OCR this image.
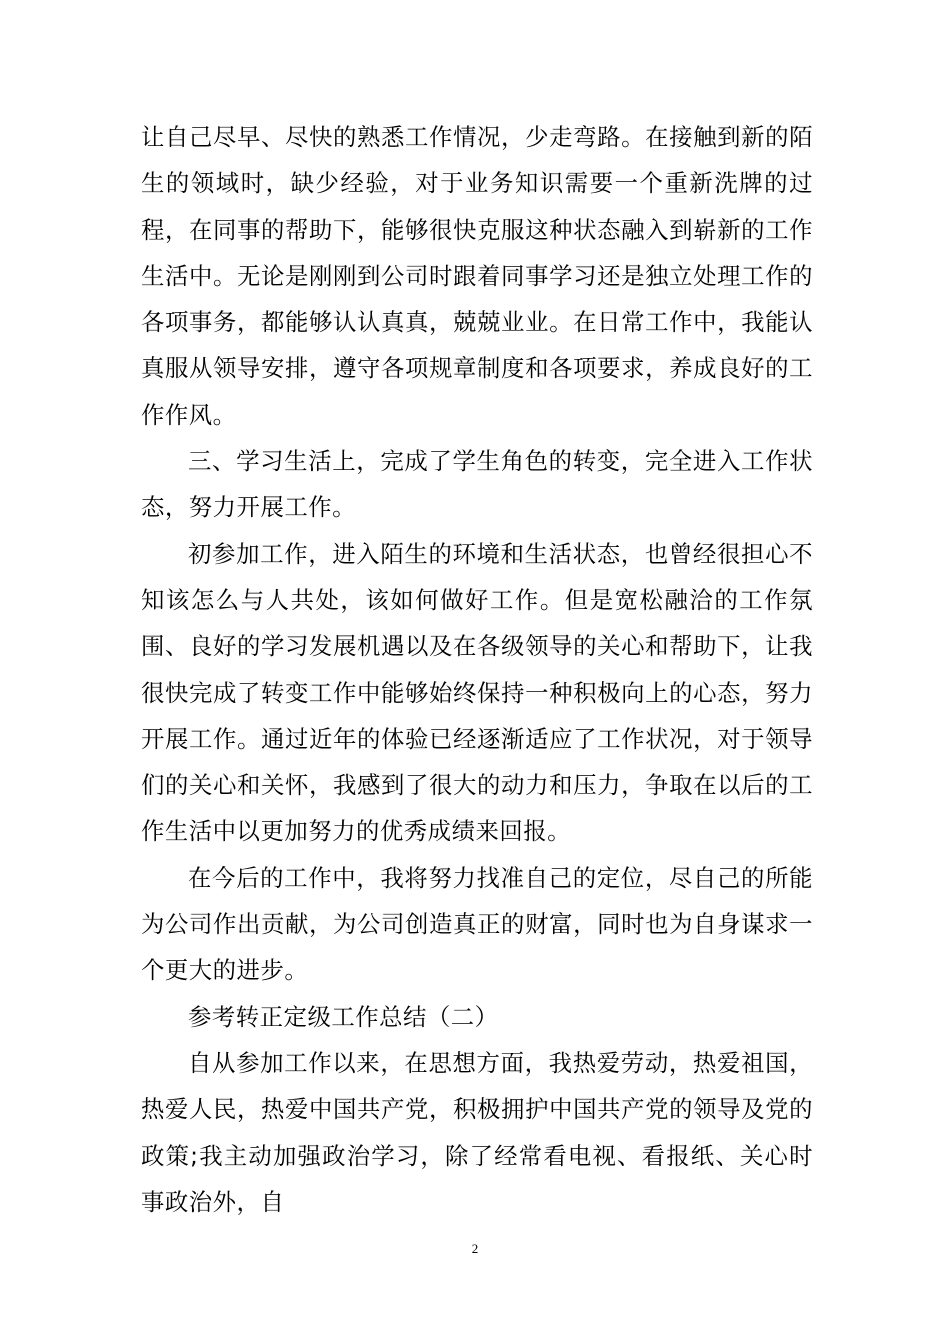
让自己尽早、尽快的熟悉工作情况，少走弯路。在接触到新的陌生的领域时，缺少经验，对于业务知识需要一个重新洗牌的过程，在同事的帮助下，能够很快克服这种状态融入到崭新的工作生活中。无论是刚刚到公司时跟着同事学习还是独立处理工作的各项事务，都能够认认真真，兢兢业业。在日常工作中，我能认真服从领导安排，遵守各项规章制度和各项要求，养成良好的工作作风。

三、学习生活上，完成了学生角色的转变，完全进入工作状态，努力开展工作。

初参加工作，进入陌生的环境和生活状态，也曾经很担心不知该怎么与人共处，该如何做好工作。但是宽松融洽的工作氛围、良好的学习发展机遇以及在各级领导的关心和帮助下，让我很快完成了转变工作中能够始终保持一种积极向上的心态，努力开展工作。通过近年的体验已经逐渐适应了工作状况，对于领导们的关心和关怀，我感到了很大的动力和压力，争取在以后的工作生活中以更加努力的优秀成绩来回报。

在今后的工作中，我将努力找准自己的定位，尽自己的所能为公司作出贡献，为公司创造真正的财富，同时也为自身谋求一个更大的进步。

参考转正定级工作总结（二）

自从参加工作以来，在思想方面，我热爱劳动，热爱祖国，热爱人民，热爱中国共产党，积极拥护中国共产党的领导及党的政策;我主动加强政治学习，除了经常看电视、看报纸、关心时事政治外，自

2
